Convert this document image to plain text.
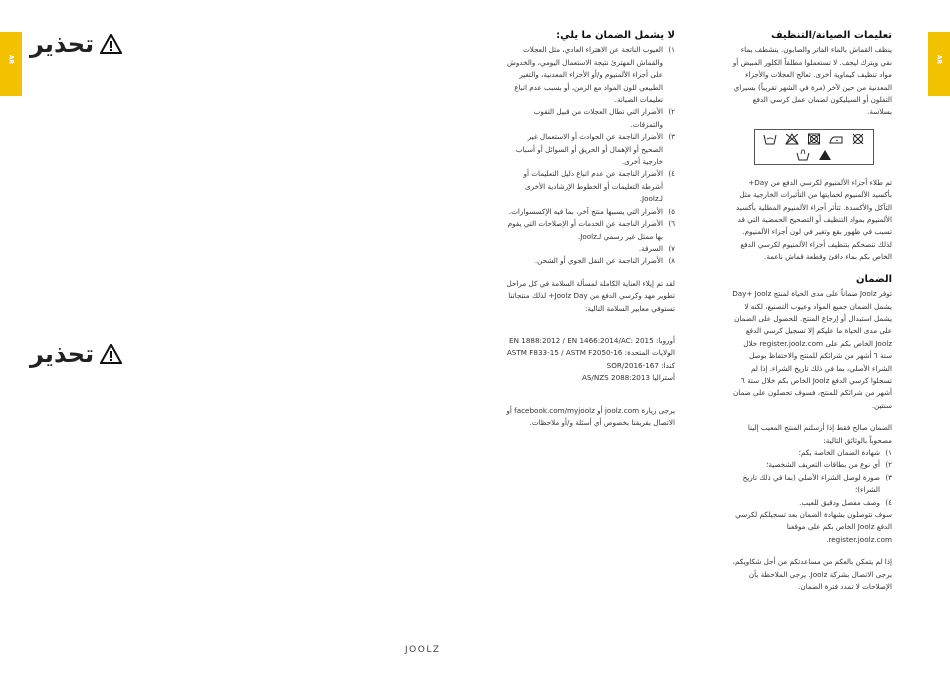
AR	AR
تحذير
تحذير
لا يشمل الضمان ما يلي:
١)
العيوب الناتجة عن الاهتراء العادي، مثل العجلات والقماش المهترئ نتيجة الاستعمال اليومي، والخدوش على أجزاء الألمنيوم و/أو الأجزاء المعدنية، والتغير الطبيعي للون المواد مع الزمن، أو بسبب عدم اتباع تعليمات الصيانة.
٢)
الأضرار التي تطال العجلات من قبيل الثقوب والتمزقات.
٣)
الأضرار الناجمة عن الحوادث أو الاستعمال غير الصحيح أو الإهمال أو الحريق أو السوائل أو أسباب خارجية أخرى.
٤)
الأضرار الناجمة عن عدم اتباع دليل التعليمات أو أشرطة التعليمات أو الخطوط الإرشادية الأخرى لـJoolz.
٥)
الأضرار التي يسببها منتج آخر، بما فيه الإكسسوارات.
٦)
الأضرار الناجمة عن الخدمات أو الإصلاحات التي يقوم بها ممثل غير رسمي لـJoolz.
٧)
السرقة.
٨)
الأضرار الناجمة عن النقل الجوي أو الشحن.

لقد تم إيلاء العناية الكاملة لمسألة السلامة في كل مراحل تطوير مهد وكرسي الدفع من Joolz Day+ لذلك منتجاتنا تستوفي معايير السلامة التالية:

أوروبا: EN 1888:2012 / EN 1466:2014/AC: 2015

الولايات المتحدة: ASTM F833-15 / ASTM F2050-16

كندا: SOR/2016-167

أستراليا AS/NZS 2088:2013

يرجى زيارة joolz.com أو facebook.com/myjoolz أو الاتصال بفريقنا بخصوص أي أسئلة و/أو ملاحظات.

تعليمات الصيانة/التنظيف

ينظف القماش بالماء الفاتر والصابون. ينشطف بماء نقي ويترك ليجف. لا تستعملوا مطلقاً الكلور المبيض أو مواد تنظيف كيماوية أخرى. تعالج العجلات والأجزاء المعدنية من حين لآخر (مرة في الشهر تقريباً) بسيراي التفلون أو السيليكون لضمان عمل كرسي الدفع بسلاسة.

تم طلاء أجزاء الألمنيوم لكرسي الدفع من Day+ بأكسيد الألمنيوم لحمايتها من التأثيرات الخارجية مثل التآكل والأكسدة. تتأثر أجزاء الألمنيوم المطلية بأكسيد الألمنيوم بمواد التنظيف أو التصحيح الحمضية التي قد تسبب في ظهور بقع وتغير في لون أجزاء الألمنيوم. لذلك ننصحكم بتنظيف أجزاء الألمنيوم لكرسي الدفع الخاص بكم بماء دافئ وقطعة قماش ناعمة.

الضمان

توفر Joolz ضماناً على مدى الحياة لمنتج Day+ Joolz يشمل الضمان جميع المواد وعيوب التصنيع، لكنه لا يشمل استبدال أو إرجاع المنتج. للحصول على الضمان على مدى الحياة ما عليكم إلا تسجيل كرسي الدفع Joolz الخاص بكم على register.joolz.com خلال ستة ٦ أشهر من شرائكم للمنتج والاحتفاظ بوصل الشراء الأصلي، بما في ذلك تاريخ الشراء. إذا لم تسجلوا كرسي الدفع Joolz الخاص بكم خلال ستة ٦ أشهر من شرائكم للمنتج، فسوف تحصلون على ضمان سنتين.

الضمان صالح فقط إذا أرسلتم المنتج المعيب إلينا مصحوباً بالوثائق التالية:

١)
شهادة الضمان الخاصة بكم؛
٢)
أي نوع من بطاقات التعريف الشخصية؛
٣)
صورة لوصل الشراء الأصلي (بما في ذلك تاريخ الشراء)؛
٤)
وصف مفصل ودقيق للعيب.

سوف تتوصلون بشهادة الضمان بعد تسجيلكم لكرسي الدفع Joolz الخاص بكم على موقعنا register.joolz.com.

إذا لم يتمكن بالعكم من مساعدتكم من أجل شكاويكم، يرجى الاتصال بشركة Joolz. يرجى الملاحظة بأن الإصلاحات لا تمدد فترة الضمان.

JOOLZ
